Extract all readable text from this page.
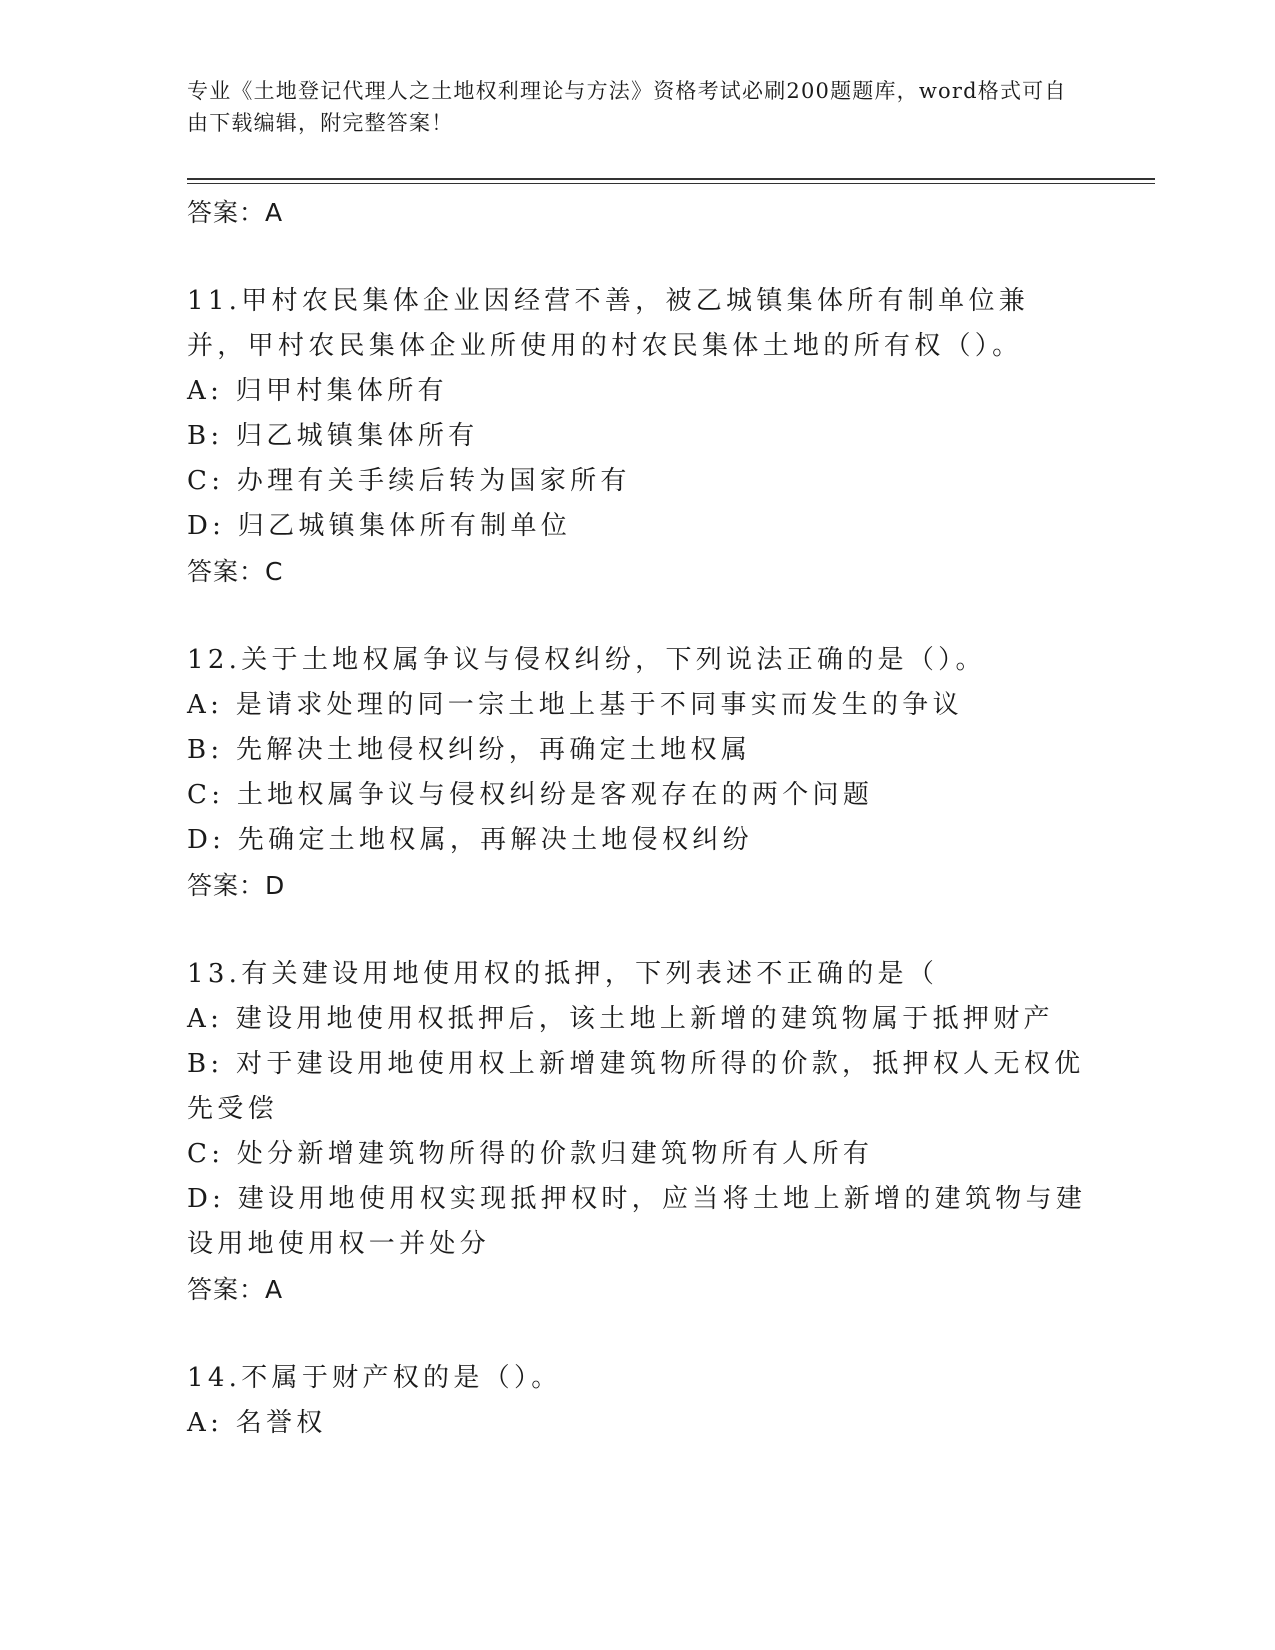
专业《土地登记代理人之土地权利理论与方法》资格考试必刷200题题库，word格式可自由下载编辑，附完整答案！
答案：A
11.甲村农民集体企业因经营不善，被乙城镇集体所有制单位兼并，甲村农民集体企业所使用的村农民集体土地的所有权（）。
A: 归甲村集体所有
B: 归乙城镇集体所有
C: 办理有关手续后转为国家所有
D: 归乙城镇集体所有制单位
答案：C
12.关于土地权属争议与侵权纠纷，下列说法正确的是（）。
A: 是请求处理的同一宗土地上基于不同事实而发生的争议
B: 先解决土地侵权纠纷，再确定土地权属
C: 土地权属争议与侵权纠纷是客观存在的两个问题
D: 先确定土地权属，再解决土地侵权纠纷
答案：D
13.有关建设用地使用权的抵押，下列表述不正确的是（
A: 建设用地使用权抵押后，该土地上新增的建筑物属于抵押财产
B: 对于建设用地使用权上新增建筑物所得的价款，抵押权人无权优先受偿
C: 处分新增建筑物所得的价款归建筑物所有人所有
D: 建设用地使用权实现抵押权时，应当将土地上新增的建筑物与建设用地使用权一并处分
答案：A
14.不属于财产权的是（）。
A: 名誉权
